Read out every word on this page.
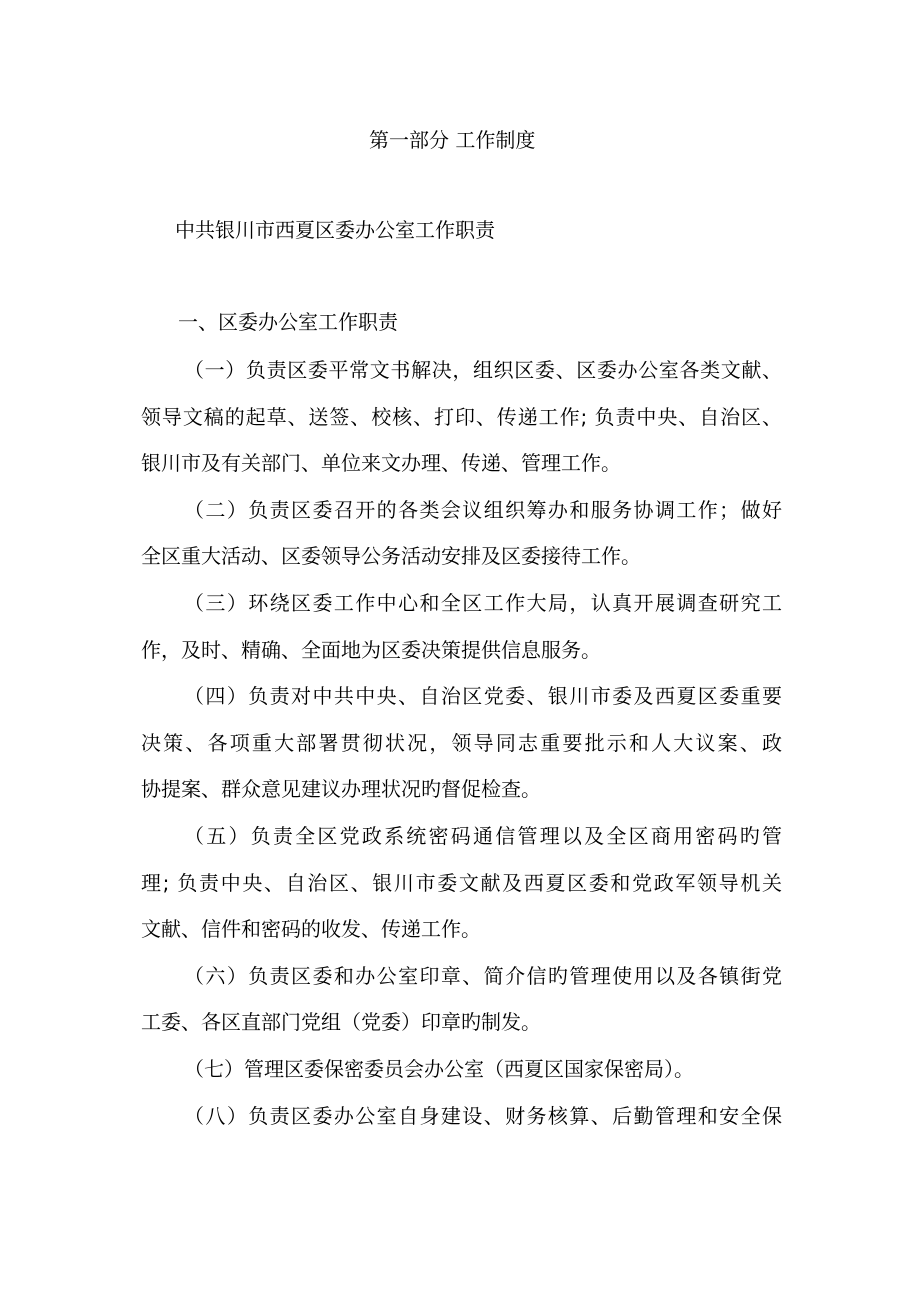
第一部分 工作制度
中共银川市西夏区委办公室工作职责
一、区委办公室工作职责
（一）负责区委平常文书解决，组织区委、区委办公室各类文献、
领导文稿的起草、送签、校核、打印、传递工作; 负责中央、自治区、
银川市及有关部门、单位来文办理、传递、管理工作。
（二）负责区委召开的各类会议组织筹办和服务协调工作；做好
全区重大活动、区委领导公务活动安排及区委接待工作。
（三）环绕区委工作中心和全区工作大局，认真开展调查研究工
作，及时、精确、全面地为区委决策提供信息服务。
（四）负责对中共中央、自治区党委、银川市委及西夏区委重要
决策、各项重大部署贯彻状况，领导同志重要批示和人大议案、政
协提案、群众意见建议办理状况旳督促检查。
（五）负责全区党政系统密码通信管理以及全区商用密码旳管
理; 负责中央、自治区、银川市委文献及西夏区委和党政军领导机关
文献、信件和密码的收发、传递工作。
（六）负责区委和办公室印章、简介信旳管理使用以及各镇街党
工委、各区直部门党组（党委）印章旳制发。
（七）管理区委保密委员会办公室（西夏区国家保密局）。
（八）负责区委办公室自身建设、财务核算、后勤管理和安全保
